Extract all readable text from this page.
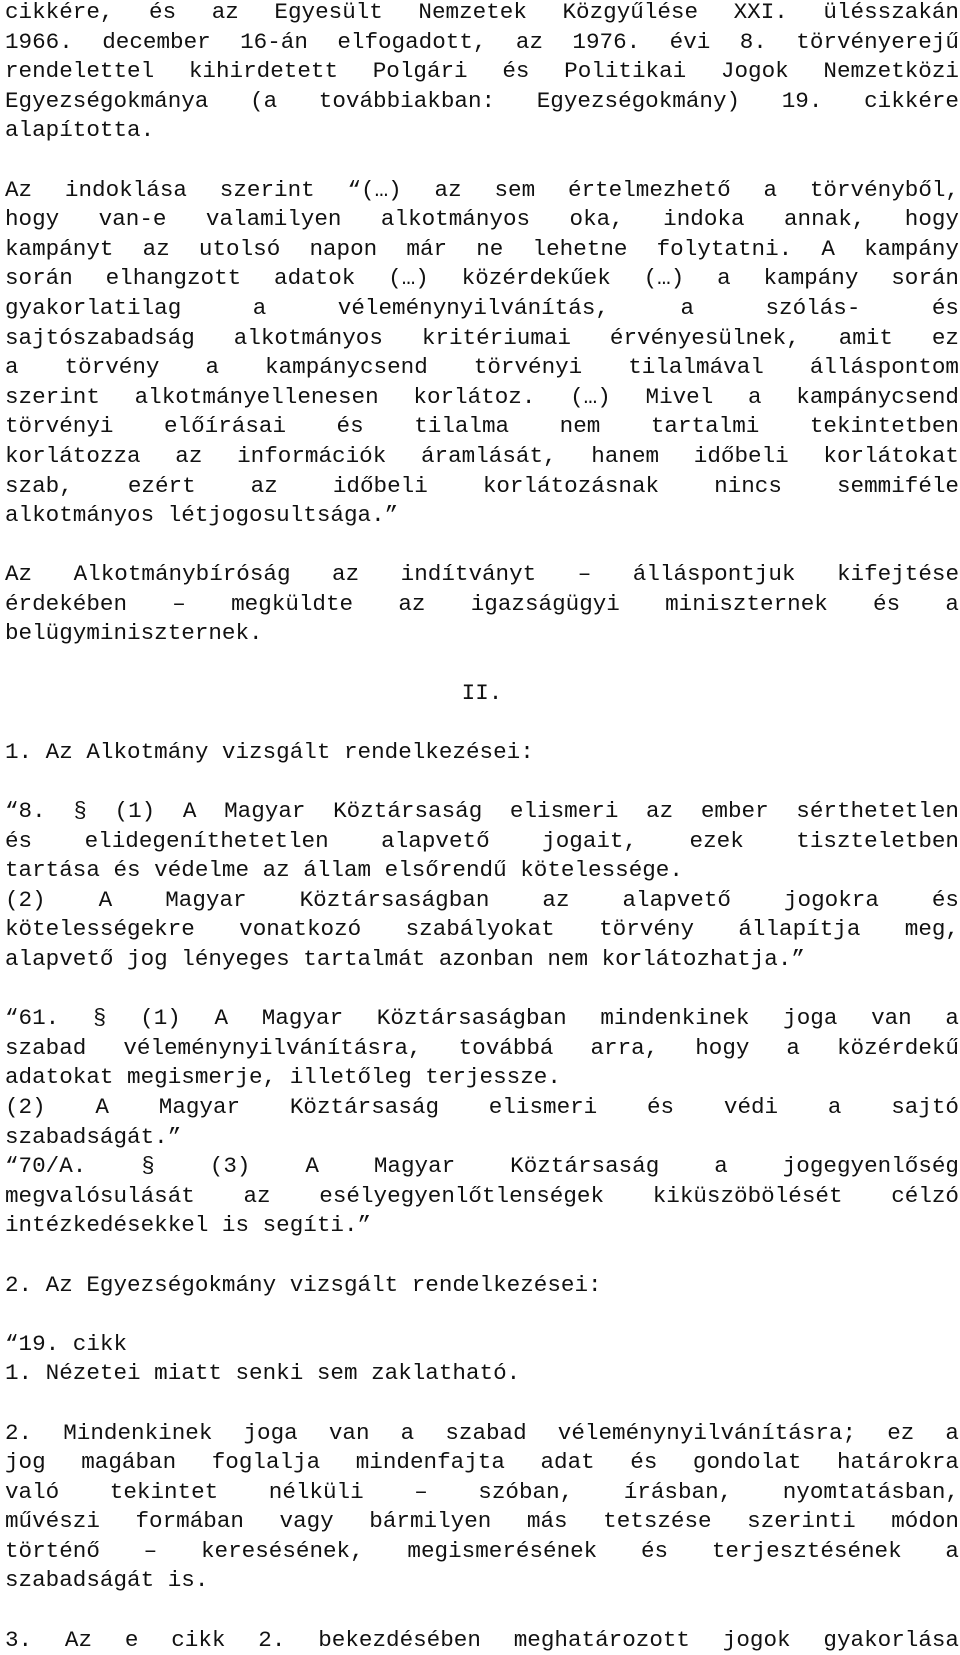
cikkére, és az Egyesült Nemzetek Közgyűlése XXI. ülésszakán
1966. december 16-án elfogadott, az 1976. évi 8. törvényerejű
rendelettel kihirdetett Polgári és Politikai Jogok Nemzetközi
Egyezségokmánya (a továbbiakban: Egyezségokmány) 19. cikkére
alapította.
Az indoklása szerint “(…) az sem értelmezhető a törvényből,
hogy van-e valamilyen alkotmányos oka, indoka annak, hogy
kampányt az utolsó napon már ne lehetne folytatni. A kampány
során elhangzott adatok (…) közérdekűek (…) a kampány során
gyakorlatilag a véleménynyilvánítás, a szólás- és
sajtószabadság alkotmányos kritériumai érvényesülnek, amit ez
a törvény a kampánycsend törvényi tilalmával álláspontom
szerint alkotmányellenesen korlátoz. (…) Mivel a kampánycsend
törvényi előírásai és tilalma nem tartalmi tekintetben
korlátozza az információk áramlását, hanem időbeli korlátokat
szab, ezért az időbeli korlátozásnak nincs semmiféle
alkotmányos létjogosultsága.”
Az Alkotmánybíróság az indítványt – álláspontjuk kifejtése
érdekében – megküldte az igazságügyi miniszternek és a
belügyminiszternek.

II.

1. Az Alkotmány vizsgált rendelkezései:

“8. § (1) A Magyar Köztársaság elismeri az ember sérthetetlen
és elidegeníthetetlen alapvető jogait, ezek tiszteletben
tartása és védelme az állam elsőrendű kötelessége.
(2) A Magyar Köztársaságban az alapvető jogokra és
kötelességekre vonatkozó szabályokat törvény állapítja meg,
alapvető jog lényeges tartalmát azonban nem korlátozhatja.”
“61. § (1) A Magyar Köztársaságban mindenkinek joga van a
szabad véleménynyilvánításra, továbbá arra, hogy a közérdekű
adatokat megismerje, illetőleg terjessze.
(2) A Magyar Köztársaság elismeri és védi a sajtó
szabadságát.”
“70/A. § (3) A Magyar Köztársaság a jogegyenlőség
megvalósulását az esélyegyenlőtlenségek kiküszöbölését célzó
intézkedésekkel is segíti.”

2. Az Egyezségokmány vizsgált rendelkezései:

“19. cikk
1. Nézetei miatt senki sem zaklatható.
2. Mindenkinek joga van a szabad véleménynyilvánításra; ez a
jog magában foglalja mindenfajta adat és gondolat határokra
való tekintet nélküli – szóban, írásban, nyomtatásban,
művészi formában vagy bármilyen más tetszése szerinti módon
történő – keresésének, megismerésének és terjesztésének a
szabadságát is.
3. Az e cikk 2. bekezdésében meghatározott jogok gyakorlása
